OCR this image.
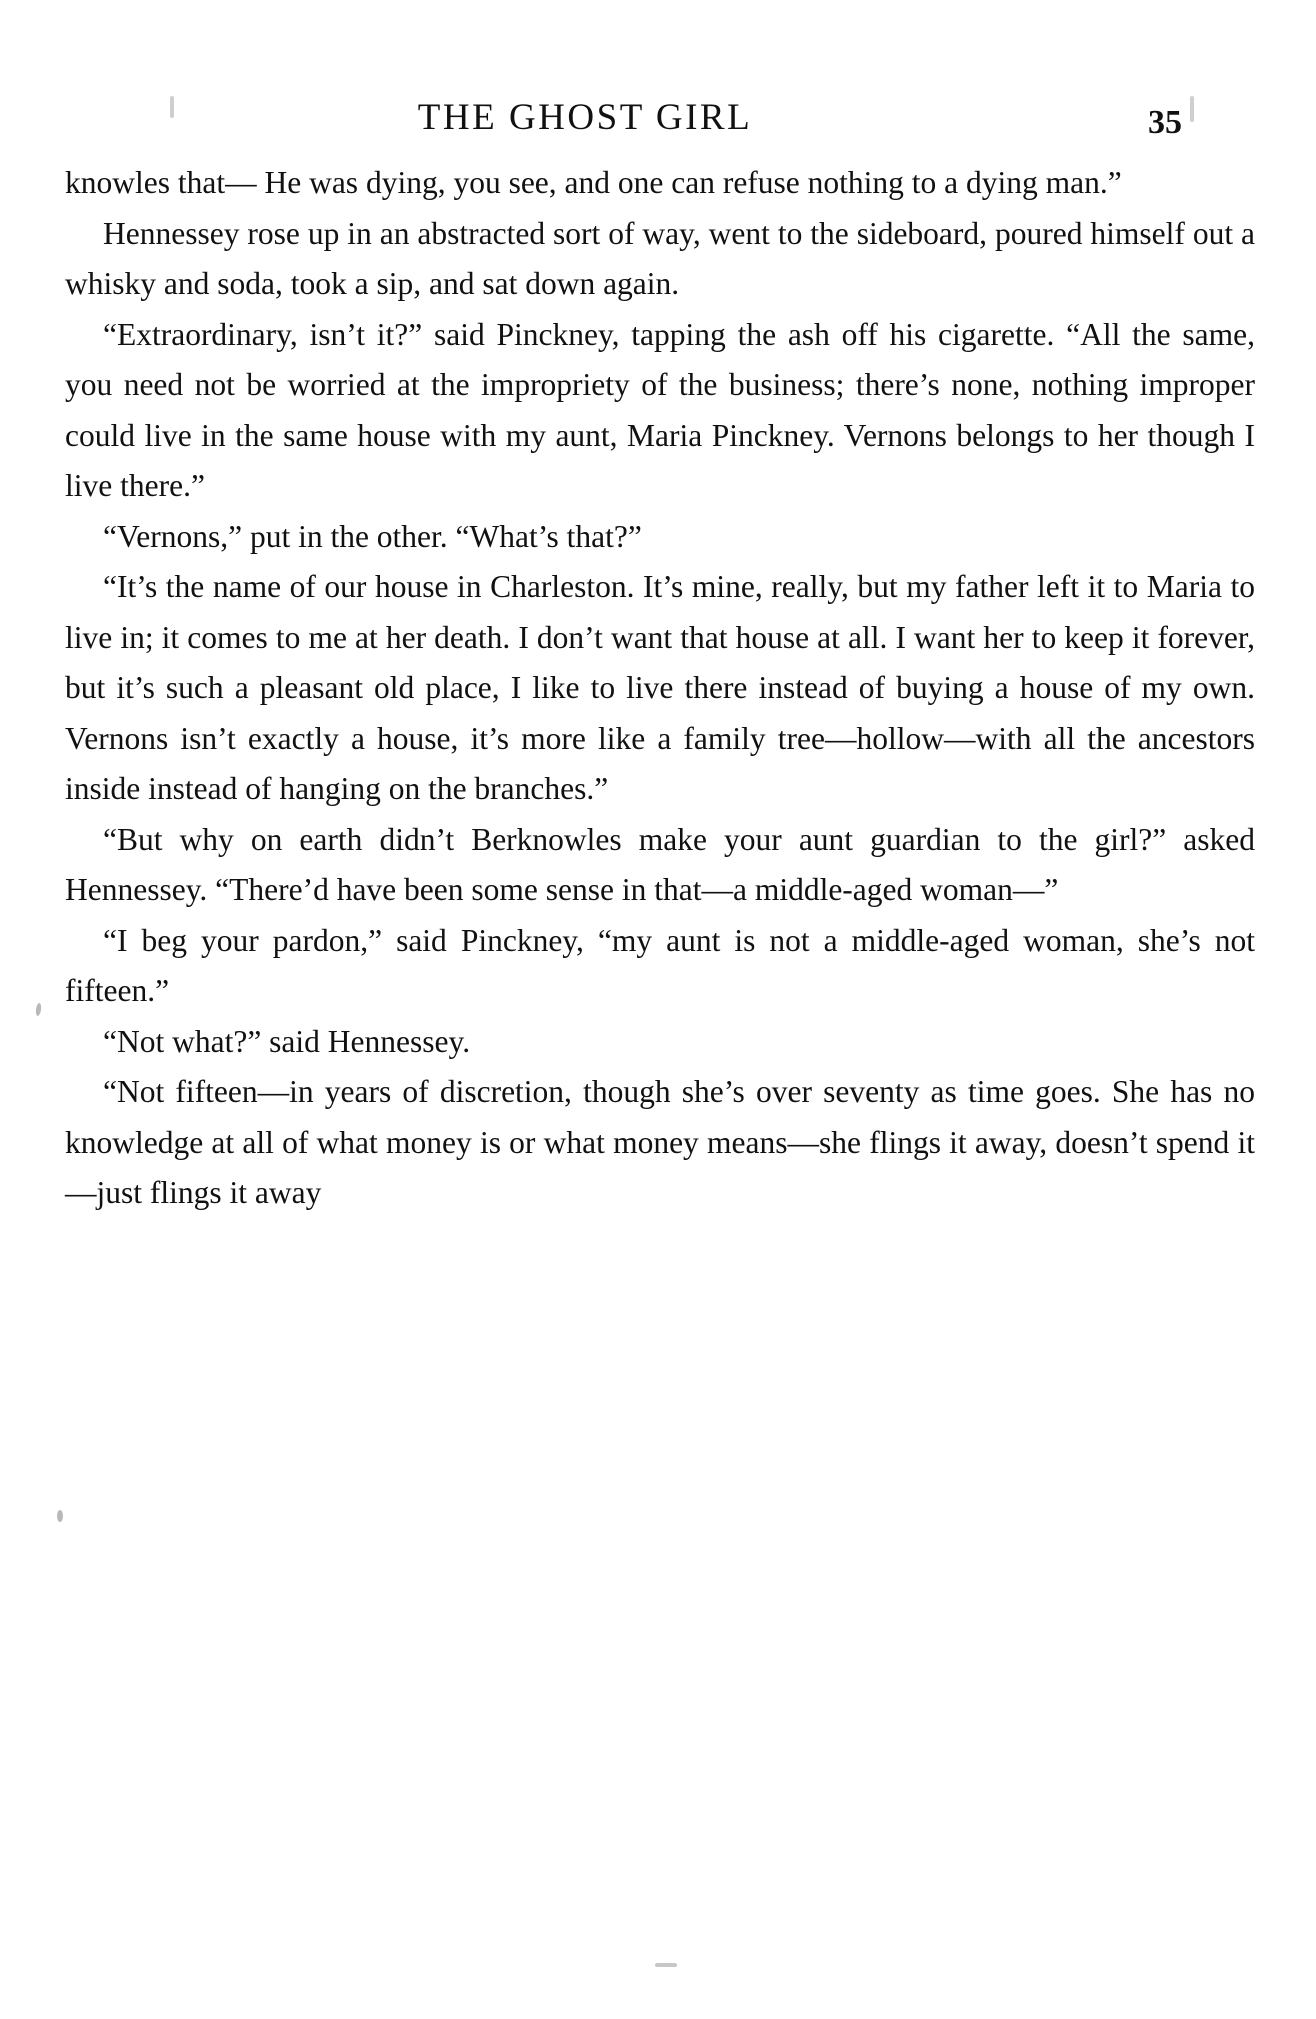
THE GHOST GIRL	35

knowles that— He was dying, you see, and one can refuse nothing to a dying man.”

Hennessey rose up in an abstracted sort of way, went to the sideboard, poured himself out a whisky and soda, took a sip, and sat down again.

“Extraordinary, isn’t it?” said Pinckney, tapping the ash off his cigarette. “All the same, you need not be worried at the impropriety of the business; there’s none, nothing improper could live in the same house with my aunt, Maria Pinckney. Vernons belongs to her though I live there.”

“Vernons,” put in the other. “What’s that?”

“It’s the name of our house in Charleston. It’s mine, really, but my father left it to Maria to live in; it comes to me at her death. I don’t want that house at all. I want her to keep it forever, but it’s such a pleasant old place, I like to live there instead of buying a house of my own. Vernons isn’t exactly a house, it’s more like a family tree—hollow—with all the ancestors inside instead of hanging on the branches.”

“But why on earth didn’t Berknowles make your aunt guardian to the girl?” asked Hennessey. “There’d have been some sense in that—a middle-aged woman—”

“I beg your pardon,” said Pinckney, “my aunt is not a middle-aged woman, she’s not fifteen.”

“Not what?” said Hennessey.

“Not fifteen—in years of discretion, though she’s over seventy as time goes. She has no knowledge at all of what money is or what money means—she flings it away, doesn’t spend it—just flings it away
